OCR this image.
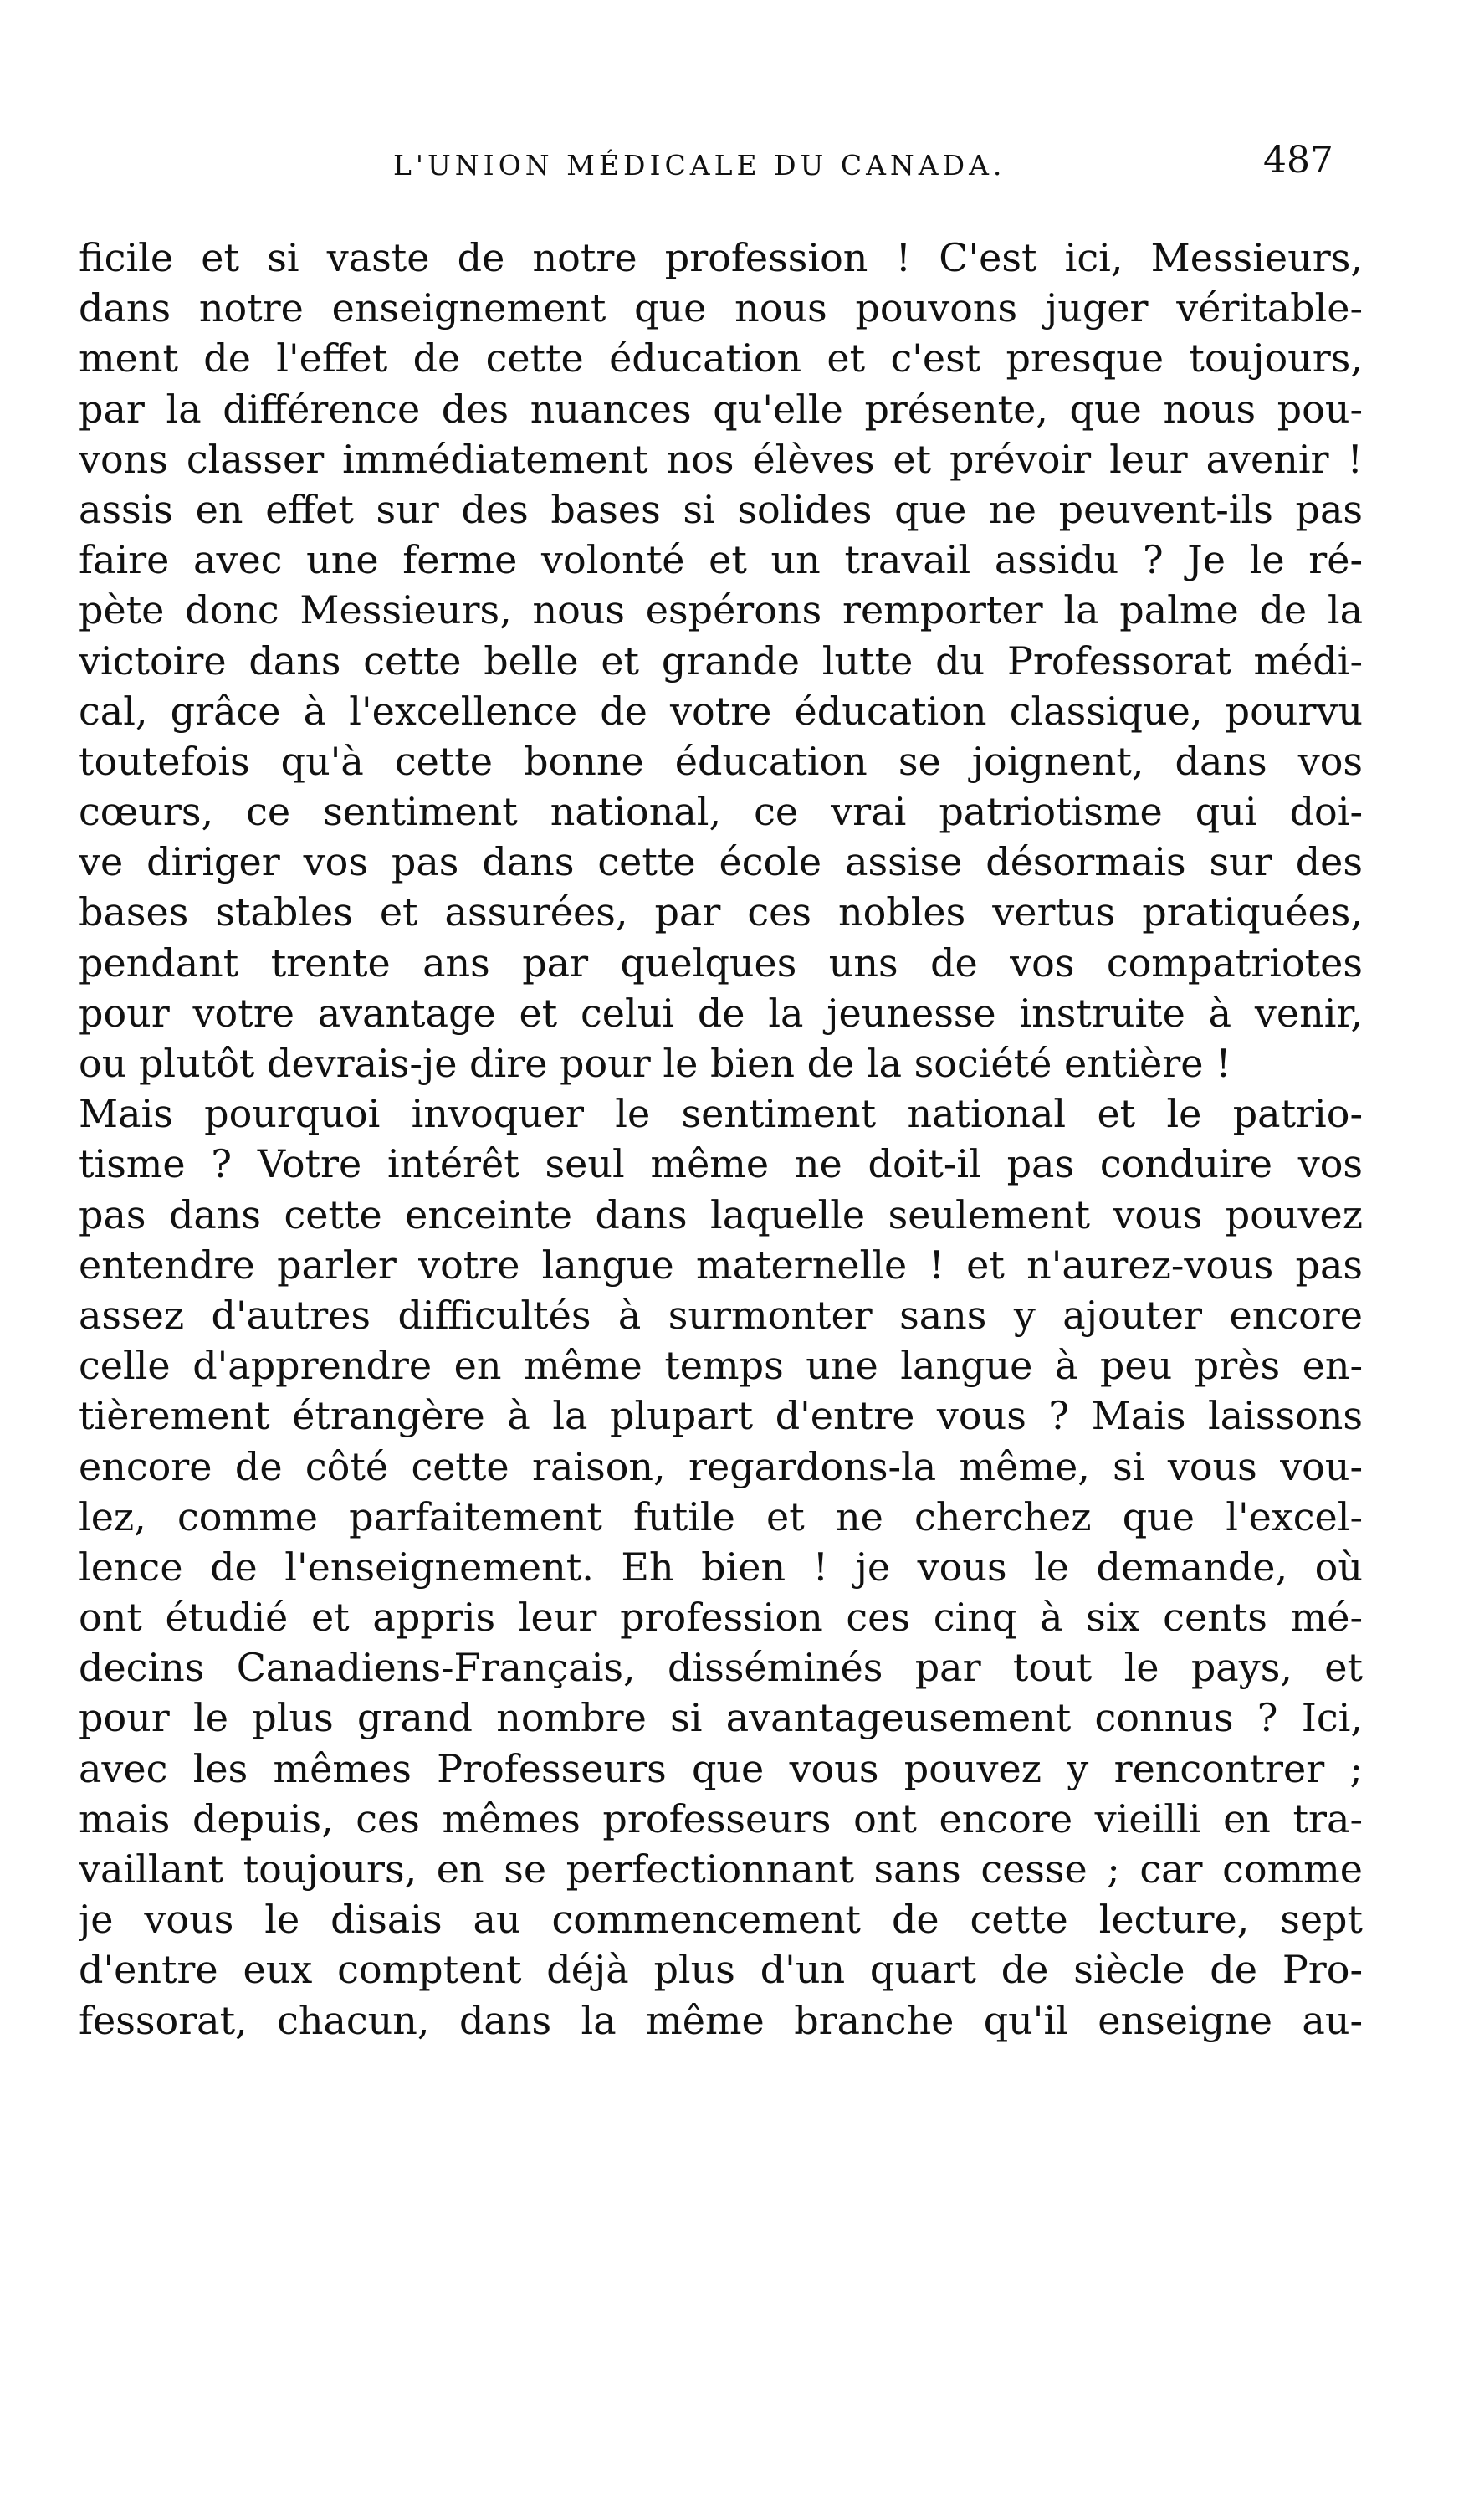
L'UNION MÉDICALE DU CANADA.	487
ficile et si vaste de notre profession ! C'est ici, Messieurs,
dans notre enseignement que nous pouvons juger véritable-
ment de l'effet de cette éducation et c'est presque toujours,
par la différence des nuances qu'elle présente, que nous pou-
vons classer immédiatement nos élèves et prévoir leur avenir !
assis en effet sur des bases si solides que ne peuvent-ils pas
faire avec une ferme volonté et un travail assidu ? Je le ré-
pète donc Messieurs, nous espérons remporter la palme de la
victoire dans cette belle et grande lutte du Professorat médi-
cal, grâce à l'excellence de votre éducation classique, pourvu
toutefois qu'à cette bonne éducation se joignent, dans vos
cœurs, ce sentiment national, ce vrai patriotisme qui doi-
ve diriger vos pas dans cette école assise désormais sur des
bases stables et assurées, par ces nobles vertus pratiquées,
pendant trente ans par quelques uns de vos compatriotes
pour votre avantage et celui de la jeunesse instruite à venir,
ou plutôt devrais-je dire pour le bien de la société entière !
Mais pourquoi invoquer le sentiment national et le patrio-
tisme ? Votre intérêt seul même ne doit-il pas conduire vos
pas dans cette enceinte dans laquelle seulement vous pouvez
entendre parler votre langue maternelle ! et n'aurez-vous pas
assez d'autres difficultés à surmonter sans y ajouter encore
celle d'apprendre en même temps une langue à peu près en-
tièrement étrangère à la plupart d'entre vous ? Mais laissons
encore de côté cette raison, regardons-la même, si vous vou-
lez, comme parfaitement futile et ne cherchez que l'excel-
lence de l'enseignement. Eh bien ! je vous le demande, où
ont étudié et appris leur profession ces cinq à six cents mé-
decins Canadiens-Français, disséminés par tout le pays, et
pour le plus grand nombre si avantageusement connus ? Ici,
avec les mêmes Professeurs que vous pouvez y rencontrer ;
mais depuis, ces mêmes professeurs ont encore vieilli en tra-
vaillant toujours, en se perfectionnant sans cesse ; car comme
je vous le disais au commencement de cette lecture, sept
d'entre eux comptent déjà plus d'un quart de siècle de Pro-
fessorat, chacun, dans la même branche qu'il enseigne au-
